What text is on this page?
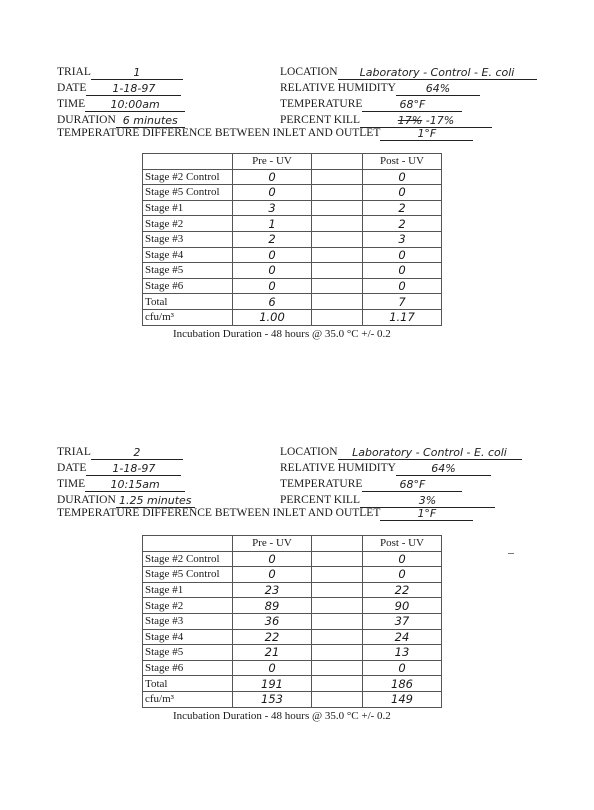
TRIAL	1
DATE 1-18-97
TIME 10:00am
DURATION 6 minutes
LOCATION Laboratory - Control - E. coli
RELATIVE HUMIDITY	64%
TEMPERATURE	68°F
PERCENT KILL	17% -17%
TEMPERATURE DIFFERENCE BETWEEN INLET AND OUTLET	1°F
	Pre - UV		Post - UV
Stage #2 Control	0		0
Stage #5 Control	0		0
Stage #1	3		2
Stage #2	1		2
Stage #3	2		3
Stage #4	0		0
Stage #5	0		0
Stage #6	0		0
Total	6		7
cfu/m³	1.00		1.17
Incubation Duration - 48 hours @ 35.0 °C +/- 0.2
TRIAL	2
DATE 1-18-97
TIME 10:15am
DURATION 1.25 minutes
LOCATION Laboratory - Control - E. coli
RELATIVE HUMIDITY	64%
TEMPERATURE	68°F
PERCENT KILL	3%
TEMPERATURE DIFFERENCE BETWEEN INLET AND OUTLET	1°F
	Pre - UV		Post - UV
Stage #2 Control	0		0
Stage #5 Control	0		0
Stage #1	23		22
Stage #2	89		90
Stage #3	36		37
Stage #4	22		24
Stage #5	21		13
Stage #6	0		0
Total	191		186
cfu/m³	153		149
Incubation Duration - 48 hours @ 35.0 °C +/- 0.2
